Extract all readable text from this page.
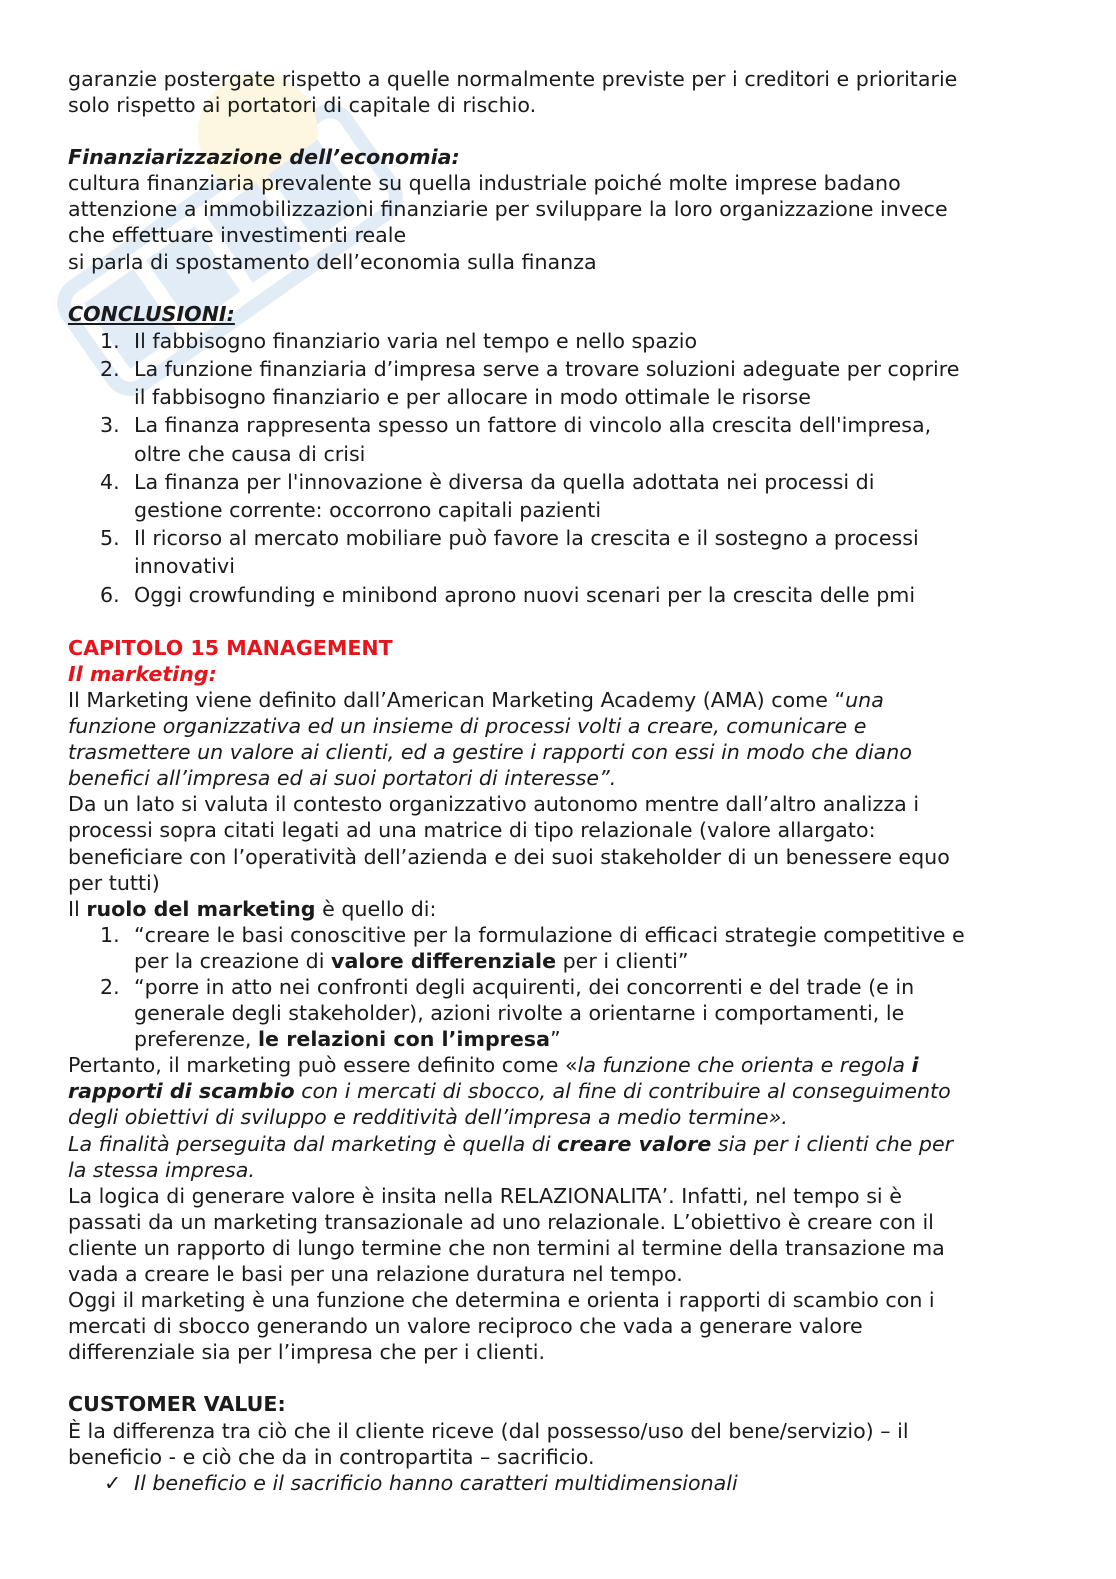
garanzie postergate rispetto a quelle normalmente previste per i creditori e prioritarie

solo rispetto ai portatori di capitale di rischio.

Finanziarizzazione dell’economia:

cultura finanziaria prevalente su quella industriale poiché molte imprese badano

attenzione a immobilizzazioni finanziarie per sviluppare la loro organizzazione invece

che effettuare investimenti reale

si parla di spostamento dell’economia sulla finanza

CONCLUSIONI:

1. Il fabbisogno finanziario varia nel tempo e nello spazio
2. La funzione finanziaria d’impresa serve a trovare soluzioni adeguate per coprire
il fabbisogno finanziario e per allocare in modo ottimale le risorse
3. La finanza rappresenta spesso un fattore di vincolo alla crescita dell'impresa,
oltre che causa di crisi
4. La finanza per l'innovazione è diversa da quella adottata nei processi di
gestione corrente: occorrono capitali pazienti
5. Il ricorso al mercato mobiliare può favore la crescita e il sostegno a processi
innovativi
6. Oggi crowfunding e minibond aprono nuovi scenari per la crescita delle pmi

CAPITOLO 15 MANAGEMENT

Il marketing:

Il Marketing viene definito dall’American Marketing Academy (AMA) come “una

funzione organizzativa ed un insieme di processi volti a creare, comunicare e

trasmettere un valore ai clienti, ed a gestire i rapporti con essi in modo che diano

benefici all’impresa ed ai suoi portatori di interesse”.

Da un lato si valuta il contesto organizzativo autonomo mentre dall’altro analizza i

processi sopra citati legati ad una matrice di tipo relazionale (valore allargato:

beneficiare con l’operatività dell’azienda e dei suoi stakeholder di un benessere equo

per tutti)

Il ruolo del marketing è quello di:

1. “creare le basi conoscitive per la formulazione di efficaci strategie competitive e
per la creazione di valore differenziale per i clienti”
2. “porre in atto nei confronti degli acquirenti, dei concorrenti e del trade (e in
generale degli stakeholder), azioni rivolte a orientarne i comportamenti, le
preferenze, le relazioni con l’impresa”

Pertanto, il marketing può essere definito come «la funzione che orienta e regola i

rapporti di scambio con i mercati di sbocco, al fine di contribuire al conseguimento

degli obiettivi di sviluppo e redditività dell’impresa a medio termine».

La finalità perseguita dal marketing è quella di creare valore sia per i clienti che per

la stessa impresa.

La logica di generare valore è insita nella RELAZIONALITA’. Infatti, nel tempo si è

passati da un marketing transazionale ad uno relazionale. L’obiettivo è creare con il

cliente un rapporto di lungo termine che non termini al termine della transazione ma

vada a creare le basi per una relazione duratura nel tempo.

Oggi il marketing è una funzione che determina e orienta i rapporti di scambio con i

mercati di sbocco generando un valore reciproco che vada a generare valore

differenziale sia per l’impresa che per i clienti.

CUSTOMER VALUE:

È la differenza tra ciò che il cliente riceve (dal possesso/uso del bene/servizio) – il

beneficio - e ciò che da in contropartita – sacrificio.

✓ Il beneficio e il sacrificio hanno caratteri multidimensionali
